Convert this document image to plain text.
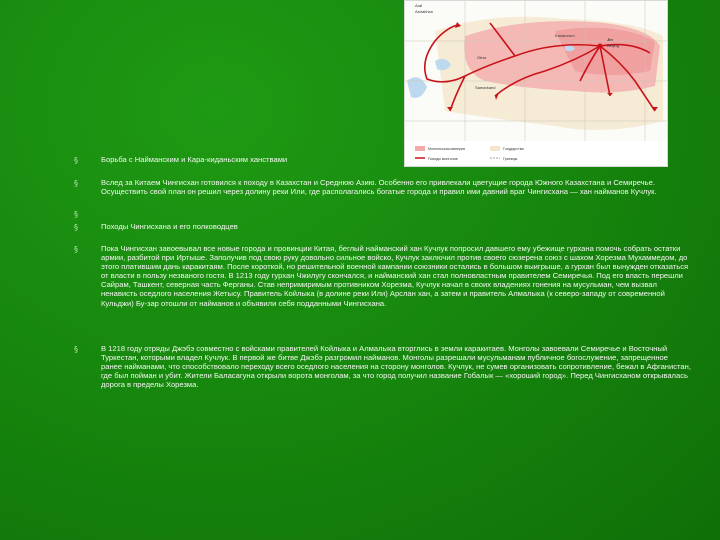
Aral
Astrakhan
Otrar
Samarkand
Karakorum
Jin
Beijing
Монгольская империя
Походы монголов
Государства
Границы
§	Борьба с Найманским и Кара-киданьским ханствами
§	Вслед за Китаем Чингисхан готовился к походу в Казахстан и Среднюю Азию. Особенно его привлекали цветущие города Южного Казахстана и Семиречье. Осуществить свой план он решил через долину реки Или, где располагались богатые города и правил ими давний враг Чингисхана — хан найманов Кучлук.
§
§	Походы Чингисхана и его полководцев
§	Пока Чингисхан завоевывал все новые города и провинции Китая, беглый найманский хан Кучлук попросил давшего ему убежище гурхана помочь собрать остатки армии, разбитой при Иртыше. Заполучив под свою руку довольно сильное войско, Кучлук заключил против своего сюзерена союз с шахом Хорезма Мухаммедом, до этого платившим дань каракитаям. После короткой, но решительной военной кампании союзники остались в большом выигрыше, а гурхан был вынужден отказаться от власти в пользу незваного гостя. В 1213 году гурхан Чжилугу скончался, и найманский хан стал полновластным правителем Семиречья. Под его власть перешли Сайрам, Ташкент, северная часть Ферганы. Став непримиримым противником Хорезма, Кучлук начал в своих владениях гонения на мусульман, чем вызвал ненависть оседлого населения Жетысу. Правитель Койлыка (в долине реки Или) Арслан хан, а затем и правитель Алмалыка (к северо-западу от современной Кульджи) Бу-зар отошли от найманов и объявили себя подданными Чингисхана.
§	В 1218 году отряды Джэбэ совместно с войсками правителей Койлыка и Алмалыка вторглись в земли каракитаев. Монголы завоевали Семиречье и Восточный Туркестан, которыми владел Кучлук. В первой же битве Джэбэ разгромил найманов. Монголы разрешали мусульманам публичное богослужение, запрещенное ранее найманами, что способствовало переходу всего оседлого населения на сторону монголов. Кучлук, не сумев организовать сопротивление, бежал в Афганистан, где был пойман и убит. Жители Баласагуна открыли ворота монголам, за что город получил название Гобалык — «хороший город». Перед Чингисханом открывалась дорога в пределы Хорезма.
